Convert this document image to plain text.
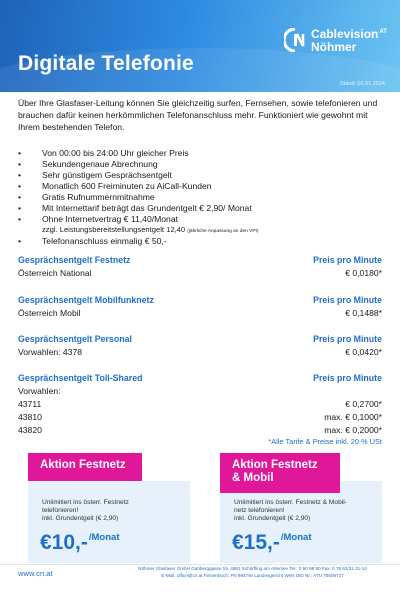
Digitale Telefonie
Cablevision$^{AT}$
Nöhmer
Stand: 01.01.2024

Über Ihre Glasfaser-Leitung können Sie gleichzeitig surfen, Fernsehen, sowie telefonieren und brauchen dafür keinen herkömmlichen Telefonanschluss mehr. Funktioniert wie gewohnt mit Ihrem bestehenden Telefon.

• Von 00:00 bis 24:00 Uhr gleicher Preis
• Sekundengenaue Abrechnung
• Sehr günstigem Gesprächsentgelt
• Monatlich 600 Freiminuten zu AiCall-Kunden
• Gratis Rufnummernmitnahme
• Mit Internettarif beträgt das Grundentgelt € 2,90/ Monat
• Ohne Internetvertrag € 11,40/Monat
zzgl. Leistungsbereitstellungsentgelt 12,40 (jährliche Anpassung an den VPI)
• Telefonanschluss einmalig € 50,-
Gesprächsentgelt Festnetz	Preis pro Minute
Österreich National	€ 0,0180*
Gesprächsentgelt Mobilfunknetz	Preis pro Minute
Österreich Mobil	€ 0,1488*
Gesprächsentgelt Personal	Preis pro Minute
Vorwahlen: 4378	€ 0,0420*
Gesprächsentgelt Toll-Shared	Preis pro Minute
Vorwahlen:
43711	€ 0,2700*
43810	max. € 0,1000*
43820	max. € 0,2000*
*Alle Tarife & Preise inkl. 20 % USt
Aktion Festnetz
Unlimitiert ins österr. Festnetz
telefonieren!
inkl. Grundentgelt (€ 2,90)
€10,-$^{/Monat}$
Aktion Festnetz
& Mobil
Unlimitiert ins österr. Festnetz & Mobil-
netz telefonieren!
inkl. Grundentgelt (€ 2,90)
€15,-$^{/Monat}$
www.cn.at
Nöhmer Glasfaser GmbH Gahberggasse 19, 4861 Schörfling am Attersee Tel.: 0 50 98 80 Fax: 0 76 62/31 31-14
E-Mail: office@cn.at Firmenbuch: FN 99479v Landesgericht Wels UID Nr.: ATU 75608727
